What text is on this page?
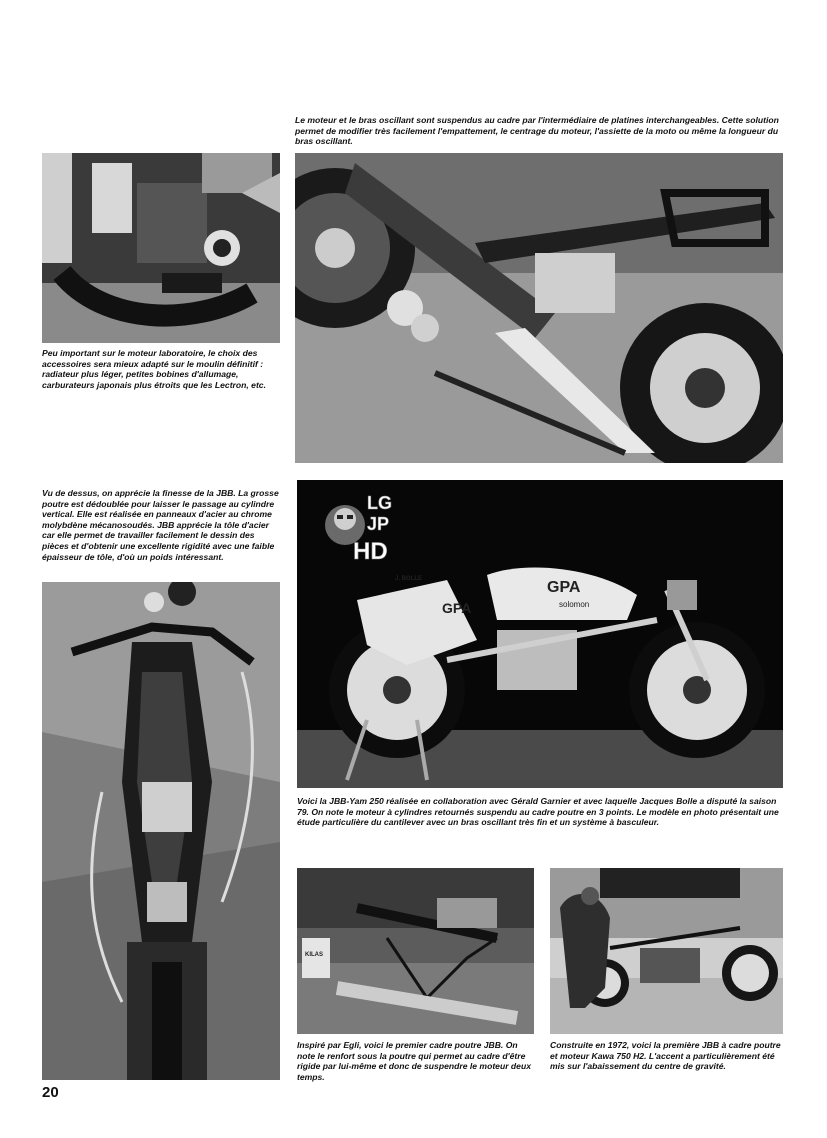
Le moteur et le bras oscillant sont suspendus au cadre par l'intermédiaire de platines interchangeables. Cette solution permet de modifier très facilement l'empattement, le centrage du moteur, l'assiette de la moto ou même la longueur du bras oscillant.

Peu important sur le moteur laboratoire, le choix des accessoires sera mieux adapté sur le moulin définitif : radiateur plus léger, petites bobines d'allumage, carburateurs japonais plus étroits que les Lectron, etc.

Vu de dessus, on apprécie la finesse de la JBB. La grosse poutre est dédoublée pour laisser le passage au cylindre vertical. Elle est réalisée en panneaux d'acier au chrome molybdène mécanosoudés. JBB apprécie la tôle d'acier car elle permet de travailler facilement le dessin des pièces et d'obtenir une excellente rigidité avec une faible épaisseur de tôle, d'où un poids intéressant.

GPA
GPA
solomon
J. BOLLE
LG
JP
HD

Voici la JBB-Yam 250 réalisée en collaboration avec Gérald Garnier et avec laquelle Jacques Bolle a disputé la saison 79. On note le moteur à cylindres retournés suspendu au cadre poutre en 3 points. Le modèle en photo présentait une étude particulière du cantilever avec un bras oscillant très fin et un système à basculeur.

KILAS

Inspiré par Egli, voici le premier cadre poutre JBB. On note le renfort sous la poutre qui permet au cadre d'être rigide par lui-même et donc de suspendre le moteur deux temps.

Construite en 1972, voici la première JBB à cadre poutre et moteur Kawa 750 H2. L'accent a particulièrement été mis sur l'abaissement du centre de gravité.

20
